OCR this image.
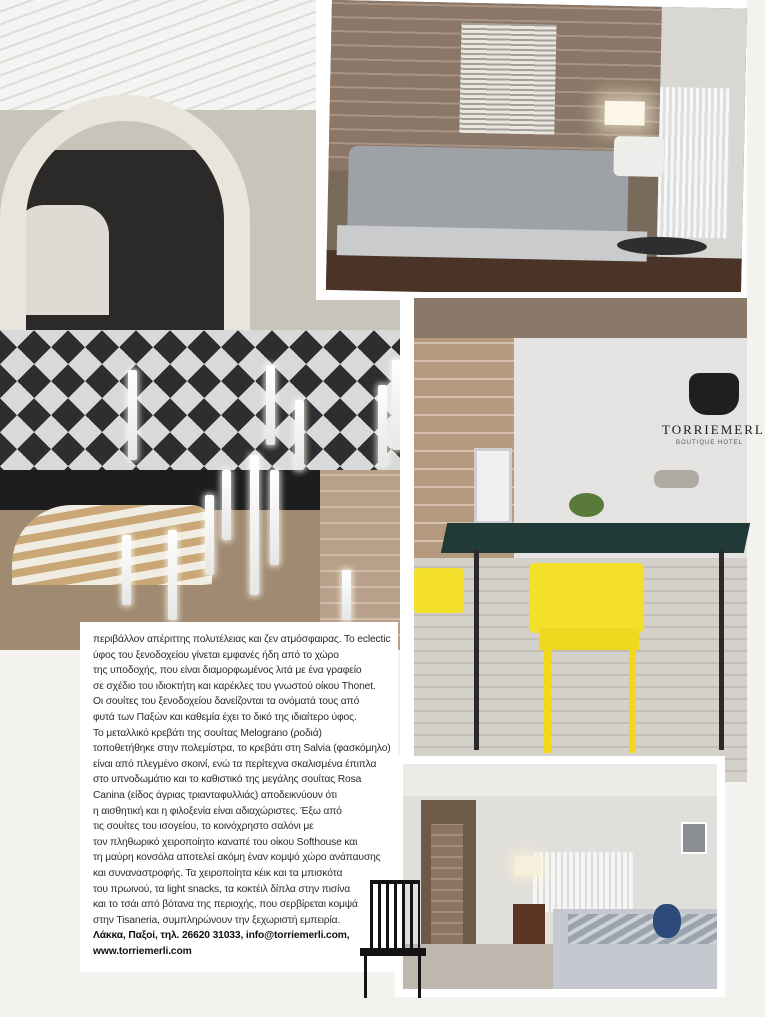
TORRIEMERL
BOUTIQUE HOTEL
περιβάλλον απέριττης πολυτέλειας και ζεν ατμόσφαιρας. Το eclectic
ύφος του ξενοδοχείου γίνεται εμφανές ήδη από το χώρο
της υποδοχής, που είναι διαμορφωμένος λιτά με ένα γραφείο
σε σχέδιο του ιδιοκτήτη και καρέκλες του γνωστού οίκου Thonet.
Οι σουίτες του ξενοδοχείου δανείζονται τα ονόματά τους από
φυτά των Παξών και καθεμία έχει το δικό της ιδιαίτερο ύφος.
Το μεταλλικό κρεβάτι της σουίτας Melograno (ροδιά)
τοποθετήθηκε στην πολεμίστρα, το κρεβάτι στη Salvia (φασκόμηλο)
είναι από πλεγμένο σκοινί, ενώ τα περίτεχνα σκαλισμένα έπιπλα
στο υπνοδωμάτιο και το καθιστικό της μεγάλης σουίτας Rosa
Canina (είδος άγριας τριανταφυλλιάς) αποδεικνύουν ότι
η αισθητική και η φιλοξενία είναι αδιαχώριστες. Έξω από
τις σουίτες του ισογείου, το κοινόχρηστο σαλόνι με
τον πληθωρικό χειροποίητο καναπέ του οίκου Softhouse και
τη μαύρη κονσόλα αποτελεί ακόμη έναν κομψό χώρο ανάπαυσης
και συναναστροφής. Τα χειροποίητα κέικ και τα μπισκότα
του πρωινού, τα light snacks, τα κοκτέιλ δίπλα στην πισίνα
και το τσάι από βότανα της περιοχής, που σερβίρεται κομψά
στην Tisaneria, συμπληρώνουν την ξεχωριστή εμπειρία.
Λάκκα, Παξοί, τηλ. 26620 31033, info@torriemerli.com,
www.torriemerli.com
